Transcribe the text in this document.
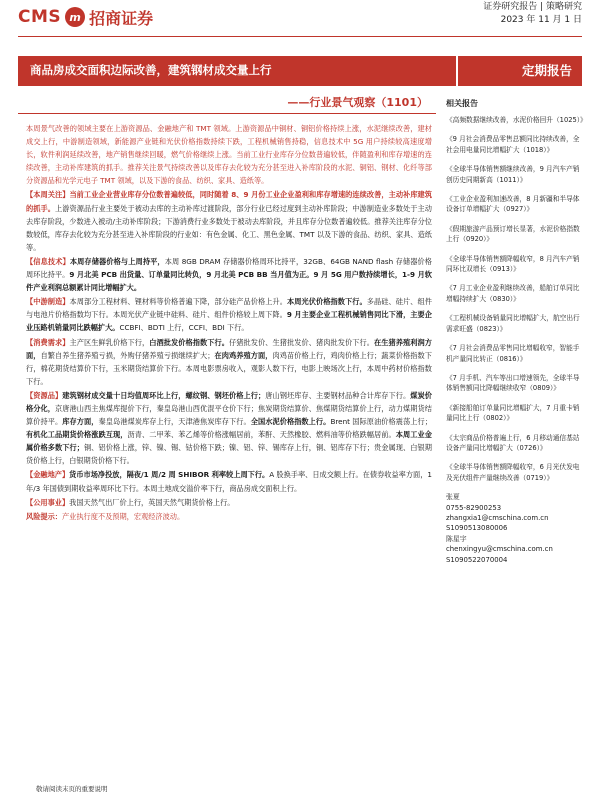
CMS m 招商证券
证券研究报告 | 策略研究
2023 年 11 月 1 日
商品房成交面积边际改善，建筑钢材成交量上行	定期报告
——行业景气观察（1101）

本周景气改善的领域主要在上游资源品、金融地产和 TMT 领域。上游资源品中铜材、铜铝价格持续上涨，水泥继续改善，建材成交上行，中游制造领域，新能源产业链和光伏价格指数持续下跌，工程机械销售持稳，信息技术中 5G 用户持续较高速度增长，软件利润延续改善，地产销售继续回暖，燃气价格继续上涨。当前工业行业库存分位数普遍较低，伴随盈利和库存增速的连续改善，主动补库建筑的抓手。推荐关注景气持续改善以及库存去化较为充分甚至进入补库阶段的水泥、铜铝、钢材、化纤等部分资源品和光学元电子 TMT 领域，以及下游的食品、纺织、家具、造纸等。

【本周关注】当前工业企业营业库存分位数普遍较低，同时随着 8、9 月份工业企业盈利和库存增速的连续改善，主动补库建筑的抓手。上游资源品行业主要处于被动去库的主动补库过渡阶段，部分行业已经过度到主动补库阶段；中游制造业多数处于主动去库存阶段，少数进入被动/主动补库阶段；下游消费行业多数处于被动去库阶段，并且库存分位数普遍较低。推荐关注库存分位数较低，库存去化较为充分甚至进入补库阶段的行业如：有色金属、化工、黑色金属、TMT 以及下游的食品、纺织、家具、造纸等。

【信息技术】本周存储器价格与上周持平，本周 8GB DRAM 存储器价格周环比持平，32GB、64GB NAND flash 存储器价格周环比持平。9 月北美 PCB 出货量、订单量同比转负，9 月北美 PCB BB 当月值为正。9 月 5G 用户数持续增长，1-9 月软件产业利润总额累计同比增幅扩大。

【中游制造】本周部分工程材料、锂材料等价格普遍下降，部分硅产品价格上升。本周光伏价格指数下行。多晶硅、硅片、组件与电池片价格指数均下行。本周光伏产业链中硅料、硅片、组件价格较上周下降。9 月主要企业工程机械销售同比下滑，主要企业压路机销量同比跌幅扩大。CCBFI、BDTI 上行，CCFI、BDI 下行。

【消费需求】主产区生鲜乳价格下行，白酒批发价格指数下行。仔猪批发价、生猪批发价、猪肉批发价下行。在生猪养殖利润方面，自繁自养生猪养殖亏损，外购仔猪养殖亏损继续扩大；在肉鸡养殖方面，肉鸡苗价格上行，鸡肉价格上行；蔬菜价格指数下行，棉花期货结算价下行，玉米期货结算价下行。本周电影票房收入，观影人数下行，电影上映场次上行，本周中药材价格指数下行。

【资源品】建筑钢材成交量十日均值周环比上行，螺纹钢、钢坯价格上行；唐山钢坯库存、主要钢材品种合计库存下行。煤炭价格分化，京唐港山西主焦煤库提价下行，秦皇岛港山西优混平仓价下行；焦炭期货结算价、焦煤期货结算价上行，动力煤期货结算价持平。库存方面，秦皇岛港煤炭库存上行，天津港焦炭库存下行。全国水泥价格指数上行。Brent 国际原油价格震荡上行；有机化工品期货价格涨跌互现，沥青、二甲苯、苯乙烯等价格涨幅居前，苯酐、天然橡胶、燃料油等价格跌幅居前。本周工业金属价格多数下行；铜、铝价格上涨，锌、镍、锡、钴价格下跌；镍、铝、锌、锡库存上行，铜、铝库存下行；贵金属现、白银期货价格上行，白银期货价格下行。

【金融地产】货币市场净投放，隔夜/1 周/2 周 SHIBOR 利率较上周下行。A 股换手率、日成交额上行。在债券收益率方面，1 年/3 年国债到期收益率周环比下行。本周土地成交溢价率下行，商品房成交面积上行。

【公用事业】我国天然气出厂价上行，英国天然气期货价格上行。

风险提示：产业执行度不及预期，宏观经济波动。

相关报告
《高频数据继续改善，水泥价格回升（1025）》
《9 月社会消费品零售总额同比持续改善，全社会用电量同比增幅扩大（1018）》
《全球半导体销售额继续改善，9 月汽车产销创历史同期新高（1011）》
《工业企业盈利加速改善，8 月新疆和半导体设备订单增幅扩大（0927）》
《假期旅游产品预订增长显著，水泥价格指数上行（0920）》
《全球半导体销售额降幅收窄，8 月汽车产销同环比双增长（0913）》
《7 月工业企业盈利继续改善，船舶订单同比增幅持续扩大（0830）》
《工程机械设备销量同比增幅扩大，航空出行需求旺盛（0823）》
《7 月社会消费品零售同比增幅收窄，智能手机产量同比转正（0816）》
《7 月手机、汽车等出口增速领先，全球半导体销售额同比降幅继续收窄（0809）》
《新接船舶订单量同比增幅扩大，7 月重卡销量同比上行（0802）》
《太宗商品价格普遍上行，6 月移动通信基站设备产量同比增幅扩大（0726）》
《全球半导体销售额降幅收窄，6 月光伏发电及光伏组件产量继续改善（0719）》
张夏
0755-82900253
zhangxia1@cmschina.com.cn
S1090513080006
陈星宇
chenxingyu@cmschina.com.cn
S1090522070004
敬请阅读末页的重要说明
